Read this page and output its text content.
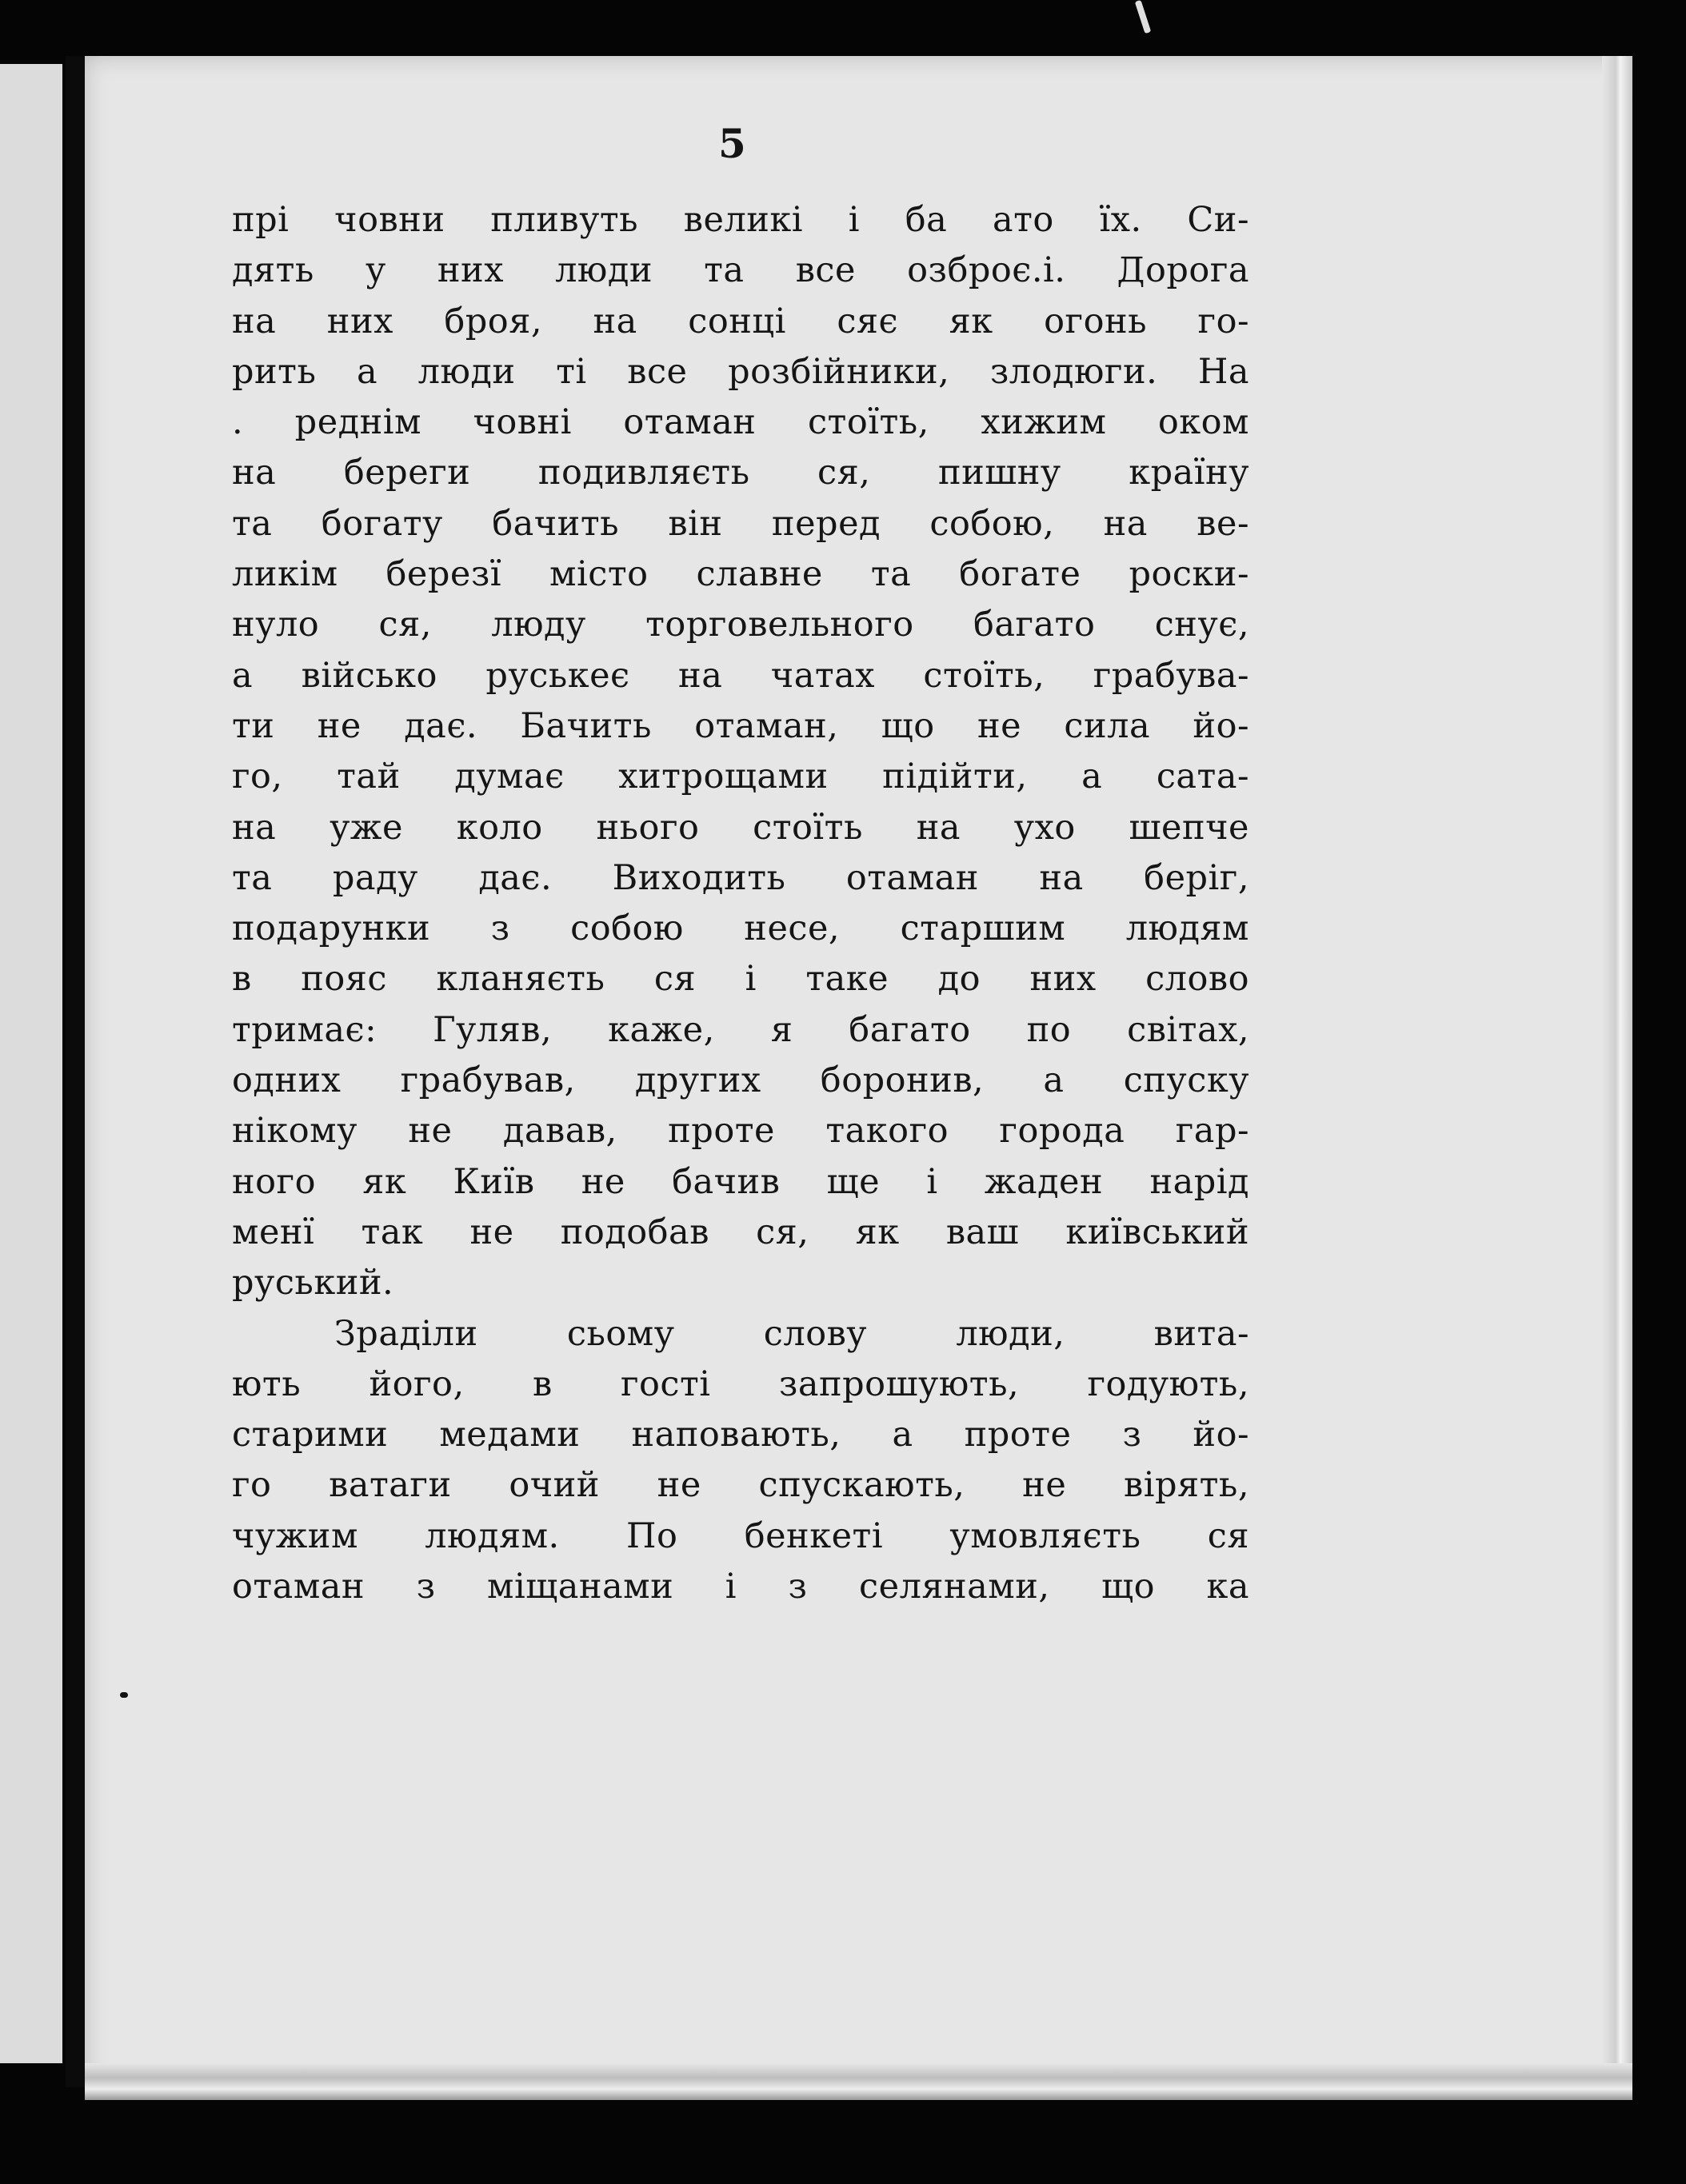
5
прі човни пливуть великі і ба ато їх. Си-
дять у них люди та все озброє.і. Дорога
на них броя, на сонці сяє як огонь го-
рить а люди ті все розбійники, злодюги. На
. реднім човні отаман стоїть, хижим оком
на береги подивляєть ся, пишну країну
та богату бачить він перед собою, на ве-
ликім березї місто славне та богате роски-
нуло ся, люду торговельного багато снує,
а військо руськеє на чатах стоїть, грабува-
ти не дає. Бачить отаман, що не сила йо-
го, тай думає хитрощами підійти, а сата-
на уже коло нього стоїть на ухо шепче
та раду дає. Виходить отаман на беріг,
подарунки з собою несе, старшим людям
в пояс кланяєть ся і таке до них слово
тримає: Гуляв, каже, я багато по світах,
одних грабував, других боронив, а спуску
нікому не давав, проте такого города гар-
ного як Київ не бачив ще і жаден нарід
менї так не подобав ся, як ваш київський
руський.
Зраділи сьому слову люди, вита-
ють його, в гості запрошують, годують,
старими медами наповають, а проте з йо-
го ватаги очий не спускають, не вірять,
чужим людям. По бенкеті умовляєть ся
отаман з міщанами і з селянами, що ка
